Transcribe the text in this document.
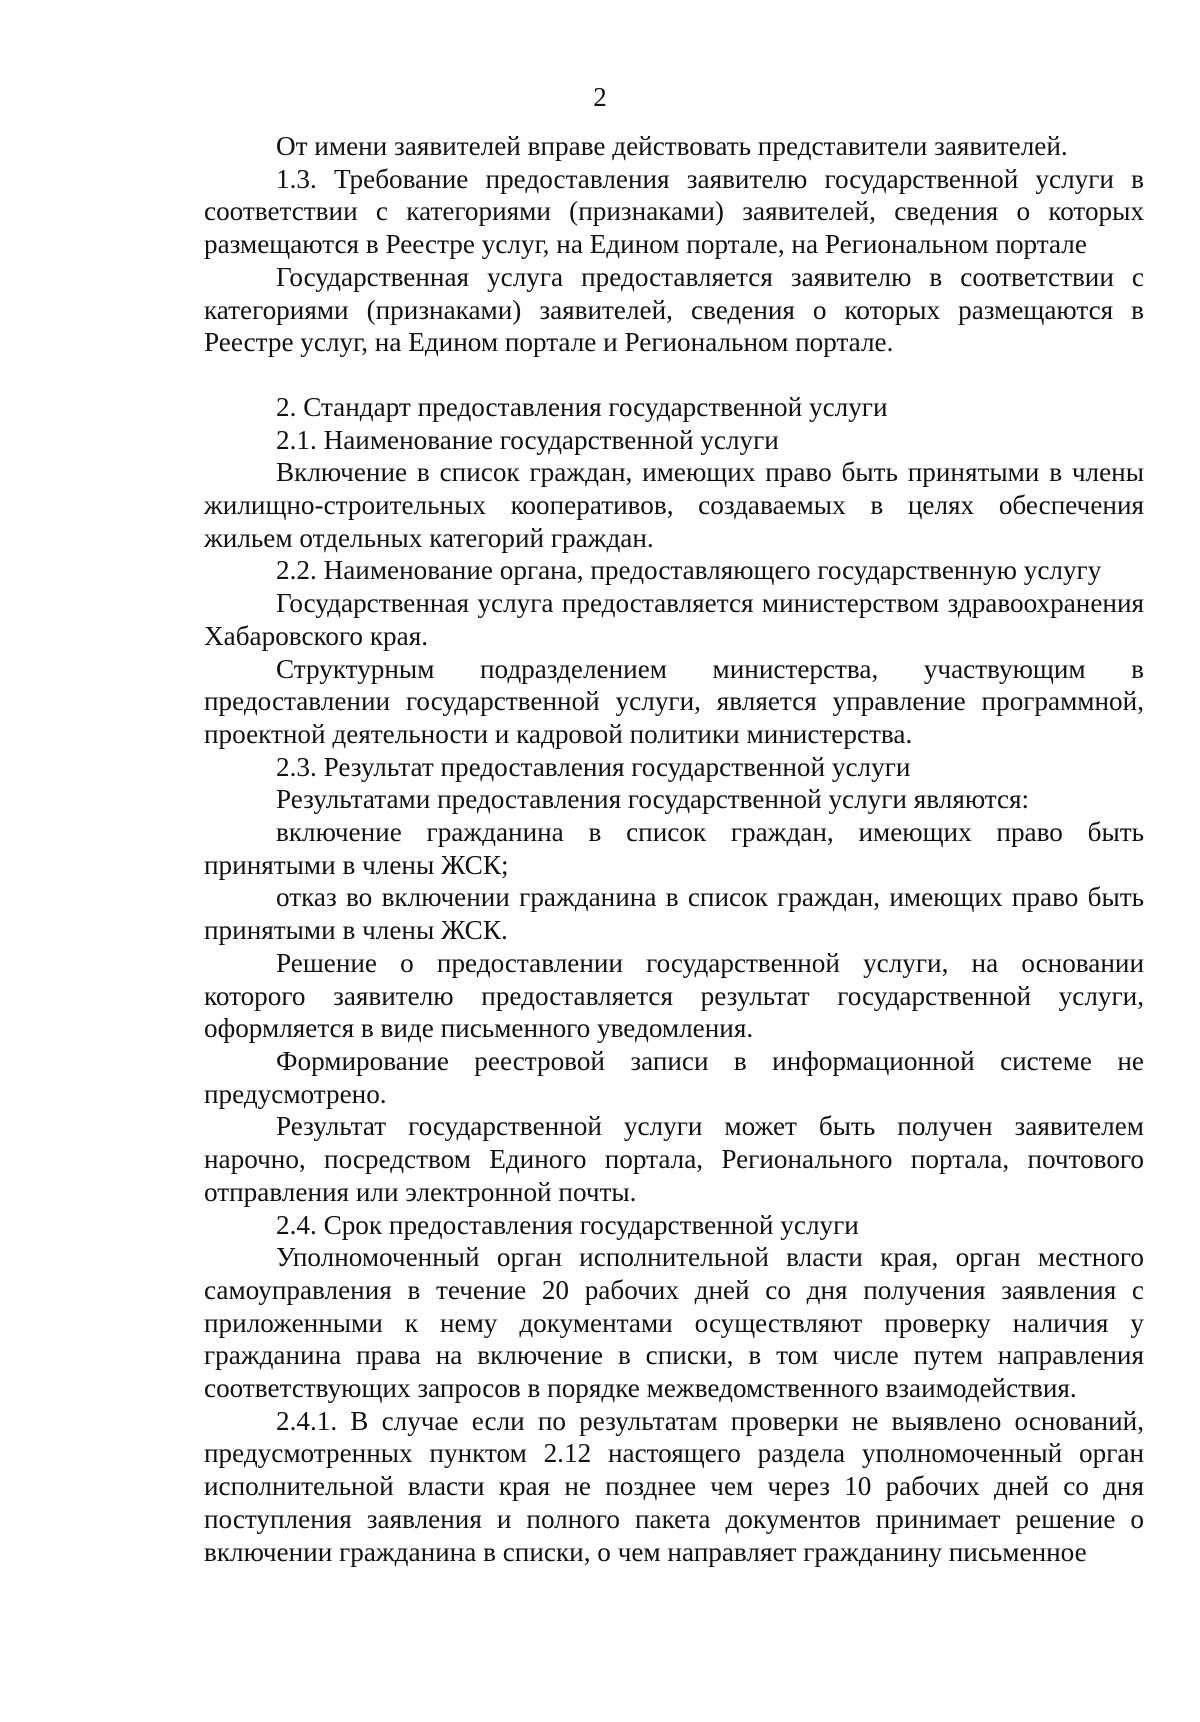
2

От имени заявителей вправе действовать представители заявителей.

1.3. Требование предоставления заявителю государственной услуги в соответствии с категориями (признаками) заявителей, сведения о которых размещаются в Реестре услуг, на Едином портале, на Региональном портале

Государственная услуга предоставляется заявителю в соответствии с категориями (признаками) заявителей, сведения о которых размещаются в Реестре услуг, на Едином портале и Региональном портале.

2. Стандарт предоставления государственной услуги

2.1. Наименование государственной услуги

Включение в список граждан, имеющих право быть принятыми в члены жилищно-строительных кооперативов, создаваемых в целях обеспечения жильем отдельных категорий граждан.

2.2. Наименование органа, предоставляющего государственную услугу

Государственная услуга предоставляется министерством здравоохранения Хабаровского края.

Структурным подразделением министерства, участвующим в предоставлении государственной услуги, является управление программной, проектной деятельности и кадровой политики министерства.

2.3. Результат предоставления государственной услуги

Результатами предоставления государственной услуги являются:

включение гражданина в список граждан, имеющих право быть принятыми в члены ЖСК;

отказ во включении гражданина в список граждан, имеющих право быть принятыми в члены ЖСК.

Решение о предоставлении государственной услуги, на основании которого заявителю предоставляется результат государственной услуги, оформляется в виде письменного уведомления.

Формирование реестровой записи в информационной системе не предусмотрено.

Результат государственной услуги может быть получен заявителем нарочно, посредством Единого портала, Регионального портала, почтового отправления или электронной почты.

2.4. Срок предоставления государственной услуги

Уполномоченный орган исполнительной власти края, орган местного самоуправления в течение 20 рабочих дней со дня получения заявления с приложенными к нему документами осуществляют проверку наличия у гражданина права на включение в списки, в том числе путем направления соответствующих запросов в порядке межведомственного взаимодействия.

2.4.1. В случае если по результатам проверки не выявлено оснований, предусмотренных пунктом 2.12 настоящего раздела уполномоченный орган исполнительной власти края не позднее чем через 10 рабочих дней со дня поступления заявления и полного пакета документов принимает решение о включении гражданина в списки, о чем направляет гражданину письменное
